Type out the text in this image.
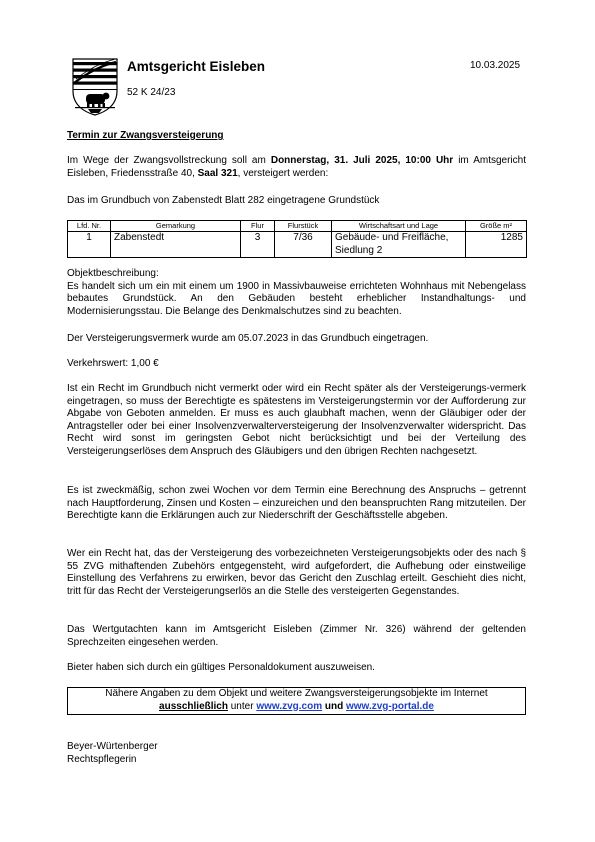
Amtsgericht Eisleben	10.03.2025
52 K 24/23
Termin zur Zwangsversteigerung
Im Wege der Zwangsvollstreckung soll am Donnerstag, 31. Juli 2025, 10:00 Uhr im Amtsgericht Eisleben, Friedensstraße 40, Saal 321, versteigert werden:
Das im Grundbuch von Zabenstedt Blatt 282 eingetragene Grundstück
Lfd. Nr.	Gemarkung	Flur	Flurstück	Wirtschaftsart und Lage	Größe m²
1	Zabenstedt	3	7/36	Gebäude- und Freifläche, Siedlung 2	1285
Objektbeschreibung:
Es handelt sich um ein mit einem um 1900 in Massivbauweise errichteten Wohnhaus mit Nebengelass bebautes Grundstück. An den Gebäuden besteht erheblicher Instandhaltungs- und Modernisierungsstau. Die Belange des Denkmalschutzes sind zu beachten.
Der Versteigerungsvermerk wurde am 05.07.2023 in das Grundbuch eingetragen.
Verkehrswert: 1,00 €
Ist ein Recht im Grundbuch nicht vermerkt oder wird ein Recht später als der Versteigerungs-vermerk eingetragen, so muss der Berechtigte es spätestens im Versteigerungstermin vor der Aufforderung zur Abgabe von Geboten anmelden. Er muss es auch glaubhaft machen, wenn der Gläubiger oder der Antragsteller oder bei einer Insolvenzverwalterversteigerung der Insolvenzverwalter widerspricht. Das Recht wird sonst im geringsten Gebot nicht berücksichtigt und bei der Verteilung des Versteigerungserlöses dem Anspruch des Gläubigers und den übrigen Rechten nachgesetzt.
Es ist zweckmäßig, schon zwei Wochen vor dem Termin eine Berechnung des Anspruchs – getrennt nach Hauptforderung, Zinsen und Kosten – einzureichen und den beanspruchten Rang mitzuteilen. Der Berechtigte kann die Erklärungen auch zur Niederschrift der Geschäftsstelle abgeben.
Wer ein Recht hat, das der Versteigerung des vorbezeichneten Versteigerungsobjekts oder des nach § 55 ZVG mithaftenden Zubehörs entgegensteht, wird aufgefordert, die Aufhebung oder einstweilige Einstellung des Verfahrens zu erwirken, bevor das Gericht den Zuschlag erteilt. Geschieht dies nicht, tritt für das Recht der Versteigerungserlös an die Stelle des versteigerten Gegenstandes.
Das Wertgutachten kann im Amtsgericht Eisleben (Zimmer Nr. 326) während der geltenden Sprechzeiten eingesehen werden.
Bieter haben sich durch ein gültiges Personaldokument auszuweisen.
Nähere Angaben zu dem Objekt und weitere Zwangsversteigerungsobjekte im Internet
ausschließlich unter www.zvg.com und www.zvg-portal.de
Beyer-Würtenberger
Rechtspflegerin
